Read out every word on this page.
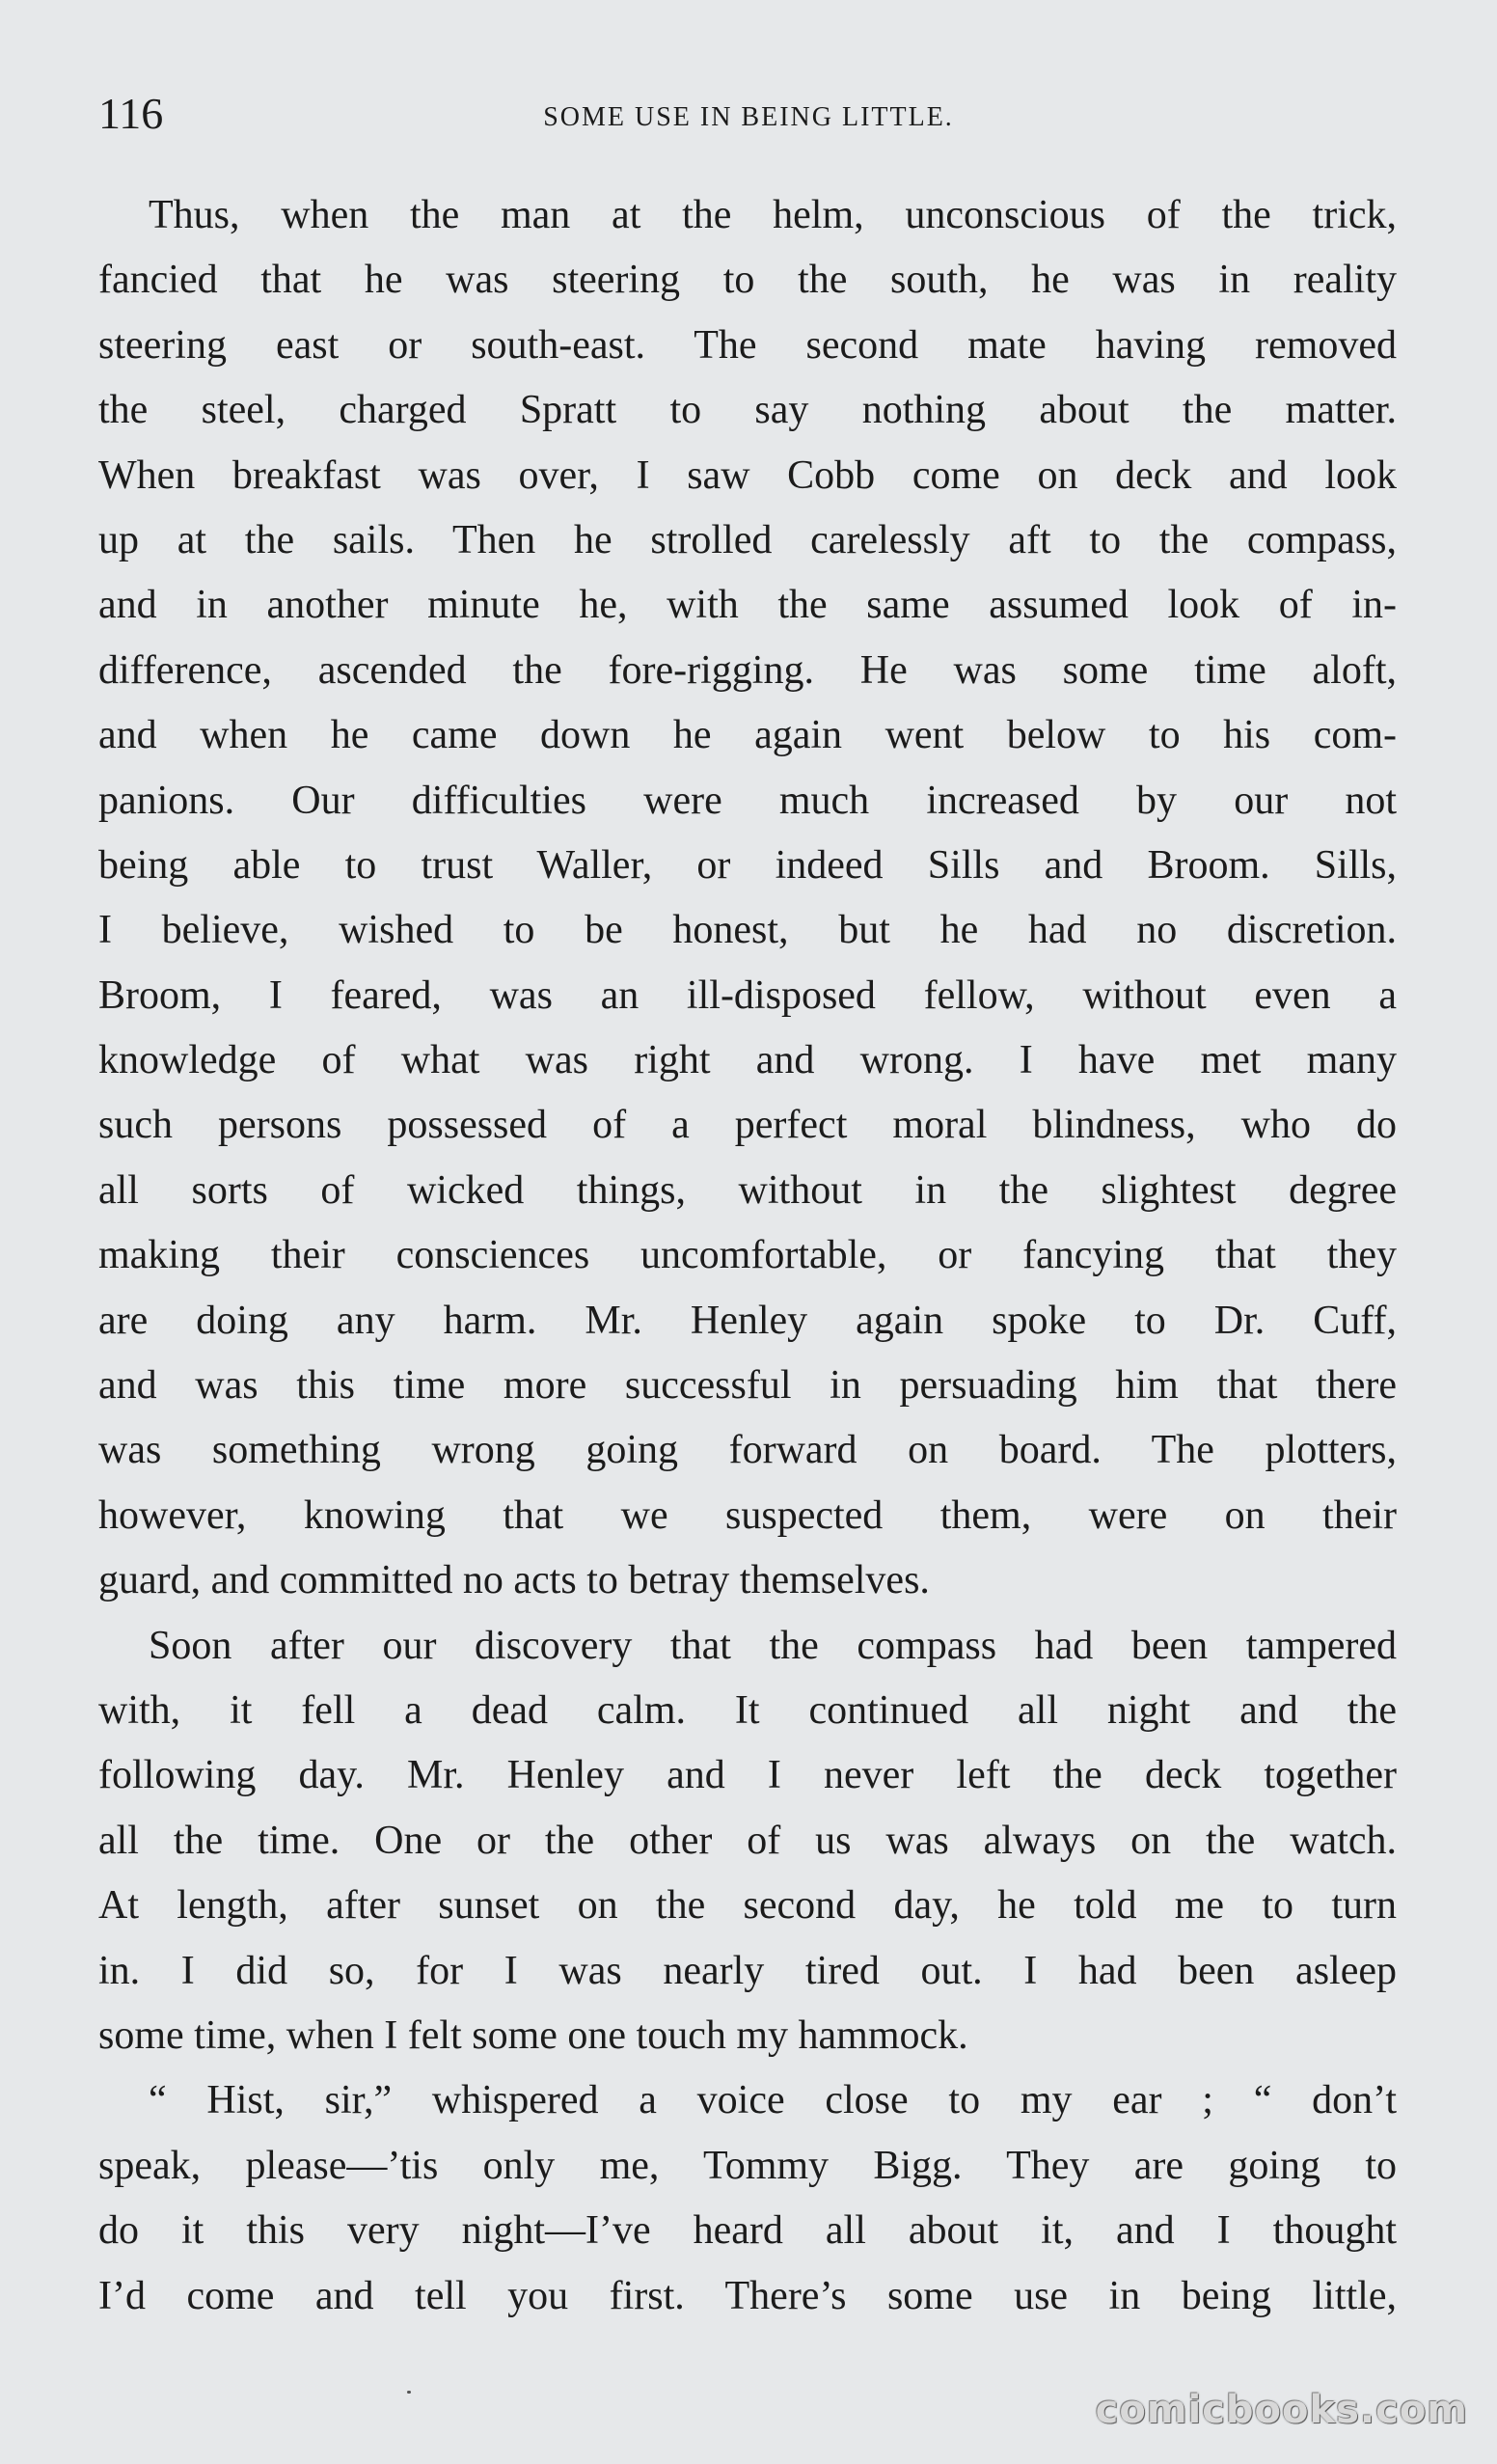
116	SOME USE IN BEING LITTLE.
Thus, when the man at the helm, unconscious of the trick,
fancied that he was steering to the south, he was in reality
steering east or south-east. The second mate having removed
the steel, charged Spratt to say nothing about the matter.
When breakfast was over, I saw Cobb come on deck and look
up at the sails. Then he strolled carelessly aft to the compass,
and in another minute he, with the same assumed look of in-
difference, ascended the fore-rigging. He was some time aloft,
and when he came down he again went below to his com-
panions. Our difficulties were much increased by our not
being able to trust Waller, or indeed Sills and Broom. Sills,
I believe, wished to be honest, but he had no discretion.
Broom, I feared, was an ill-disposed fellow, without even a
knowledge of what was right and wrong. I have met many
such persons possessed of a perfect moral blindness, who do
all sorts of wicked things, without in the slightest degree
making their consciences uncomfortable, or fancying that they
are doing any harm. Mr. Henley again spoke to Dr. Cuff,
and was this time more successful in persuading him that there
was something wrong going forward on board. The plotters,
however, knowing that we suspected them, were on their
guard, and committed no acts to betray themselves.
Soon after our discovery that the compass had been tampered
with, it fell a dead calm. It continued all night and the
following day. Mr. Henley and I never left the deck together
all the time. One or the other of us was always on the watch.
At length, after sunset on the second day, he told me to turn
in. I did so, for I was nearly tired out. I had been asleep
some time, when I felt some one touch my hammock.
“ Hist, sir,” whispered a voice close to my ear ; “ don’t
speak, please—’tis only me, Tommy Bigg. They are going to
do it this very night—I’ve heard all about it, and I thought
I’d come and tell you first. There’s some use in being little,
comicbooks.com
